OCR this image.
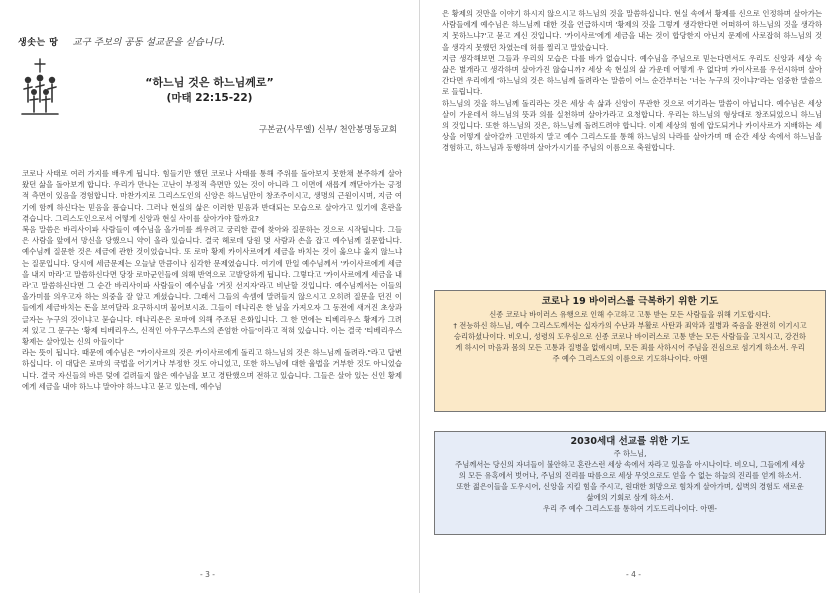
생솟는 땅 교구 주보의 공동 설교문을 싣습니다.
“하느님 것은 하느님께로”
(마태 22:15-22)
구본균(사무엘) 신부/ 천안봉명동교회

코로나 사태로 여러 가지를 배우게 됩니다. 힘들기만 했던 코로나 사태를 통해 주위를 돌아보지 못한채 분주하게 살아왔던 삶을 돌아보게 합니다. 우리가 만나는 고난이 부정적 측면만 있는 것이 아니라 그 이면에 새롭게 깨닫아가는 긍정적 측면이 있음을 경험합니다. 마찬가지로 그리스도인의 신앙은 하느님만이 창조주이시고, 생명의 근원이시며, 지금 여기에 함께 하신다는 믿음을 품습니다. 그러나 현실의 삶은 이러한 믿음과 반대되는 모습으로 살아가고 있기에 혼란을 겪습니다. 그리스도인으로서 어떻게 신앙과 현실 사이를 살아가야 할까요?

복음 말씀은 바리사이파 사람들이 예수님을 올가미를 씌우려고 궁리한 끝에 찾아와 질문하는 것으로 시작됩니다. 그들은 사람을 앞에서 망신을 당했으니 약이 올라 있습니다. 결국 헤로데 당원 몇 사람과 손을 잡고 예수님께 질문합니다. 예수님께 질문한 것은 세금에 관한 것이었습니다. 또 로마 황제 카이사르에게 세금을 바치는 것이 옳으냐 옳지 않느냐는 질문입니다. 당시에 세금문제는 오늘날 만큼이나 심각한 문제였습니다. 여기에 만일 예수님께서 '카이사르에게 세금을 내지 마라'고 말씀하신다면 당장 로마군인들에 의해 반역으로 고발당하게 됩니다. 그렇다고 '카이사르에게 세금을 내라'고 말씀하신다면 그 순간 바리사이파 사람들이 예수님을 '거짓 선지자'라고 비난할 것입니다. 예수님께서는 이들의 올가미를 의우고자 하는 의중을 잘 알고 계셨습니다. 그래서 그들의 속셈에 말려들지 않으시고 오히려 질문을 던진 이들에게 세금바치는 돈을 보여달라 요구하시며 물어보시죠. 그들이 데나리온 한 닢을 가져오자 그 동전에 새겨진 초상과 글자는 누구의 것이냐고 묻습니다. 데나리온은 로마에 의해 주조된 은화입니다. 그 한 면에는 티베리우스 황제가 그려져 있고 그 문구는 '황제 티베리우스, 신적인 아우구스투스의 존엄한 아들'이라고 적혀 있습니다. 이는 결국 '티베리우스 황제는 살아있는 신의 아들이다'

라는 뜻이 됩니다. 때문에 예수님은 "카이사르의 것은 카이사르에게 돌리고 하느님의 것은 하느님께 돌려라."라고 답변하십니다. 이 대답은 로마의 국법을 어기거나 부정한 것도 아니었고, 또한 하느님에 대한 율법을 거부한 것도 아니었습니다. 결국 자신들의 바른 덫에 걸려들지 않은 예수님을 보고 경탄했으며 전하고 있습니다. 그들은 살아 있는 신인 황제에게 세금을 내야 하느냐 말아야 하느냐고 묻고 있는데, 예수님

- 3 -

은 황제의 것만을 이야기 하시지 않으시고 하느님의 것을 말씀하십니다. 현실 속에서 황제를 신으로 인정하며 살아가는 사람들에게 예수님은 하느님께 대한 것을 언급하시며 '황제의 것을 그렇게 생각한다면 어떠하여 하느님의 것을 생각하지 못하느냐?'고 묻고 계신 것입니다. '카이사르'에게 세금을 내는 것이 합당한지 아닌지 문제에 사로잡혀 하느님의 것을 생각지 못했던 차였는데 허를 찔리고 말았습니다.

지금 생각해보면 그들과 우리의 모습은 다를 바가 없습니다. 예수님을 주님으로 믿는다면서도 우리도 신앙과 세상 속 삶은 별개라고 생각하며 살아가진 않습니까? 세상 속 현실의 삶 가운데 어떻게 우 없다며 카이사르를 우선시하며 살아간다면 우리에게 '하느님의 것은 하느님께 돌려라'는 말씀이 어느 순간부터는 '너는 누구의 것이냐?'라는 엄중한 말씀으로 들립니다.

하느님의 것을 하느님께 돌리라는 것은 세상 속 삶과 신앙이 무관한 것으로 여기라는 말씀이 아닙니다. 예수님은 세상살이 가운데서 하느님의 뜻과 의를 실천하며 살아가라고 요청합니다. 우리는 하느님의 형상대로 창조되었으니 하느님의 것입니다. 또한 하느님의 것은, 하느님께 돌려드려야 합니다. 이제 세상의 힘에 압도되거나 카이사르가 지배하는 세상을 어떻게 살아갈까 고민하지 말고 예수 그리스도를 통해 하느님의 나라를 살아가며 매 순간 세상 속에서 하느님을 경험하고, 하느님과 동행하며 살아가시기를 주님의 이름으로 축원합니다.

코로나 19 바이러스를 극복하기 위한 기도
신종 코로나 바이러스 유행으로 인해 수고하고 고통 받는 모든 사람들을 위해 기도합시다.
† 전능하신 하느님, 예수 그리스도께서는 십자가의 수난과 부활로 사탄과 죄악과 질병과 죽음을 완전히 이기시고 승리하셨나이다. 비오니, 성령의 도우심으로 신종 코로나 바이러스로 고통 받는 모든 사람들을 고치시고, 강건하게 하시어 마음과 몸의 모든 고통과 질병을 없애시며, 모든 죄를 사하시어 주님을 진심으로 섬기게 하소서. 우리 주 예수 그리스도의 이름으로 기도하나이다. 아멘
2030세대 선교를 위한 기도
주 하느님,
주님께서는 당신의 자녀들이 불안하고 혼란스런 세상 속에서 자라고 있음을 아시나이다. 비오니, 그들에게 세상의 모든 유혹에서 벗어나, 주님의 진리를 따름으로 세상 무엇으로도 얻을 수 없는 하늘의 진리를 얻게 하소서.
또한 젊은이들을 도우시어, 신앙을 지킬 힘을 주시고, 원대한 희망으로 힘차게 살아가며, 십벽의 경험도 새로운 삶에의 기회로 삼게 하소서.
우리 주 예수 그리스도를 통하여 기도드리나이다. 아멘-
- 4 -
